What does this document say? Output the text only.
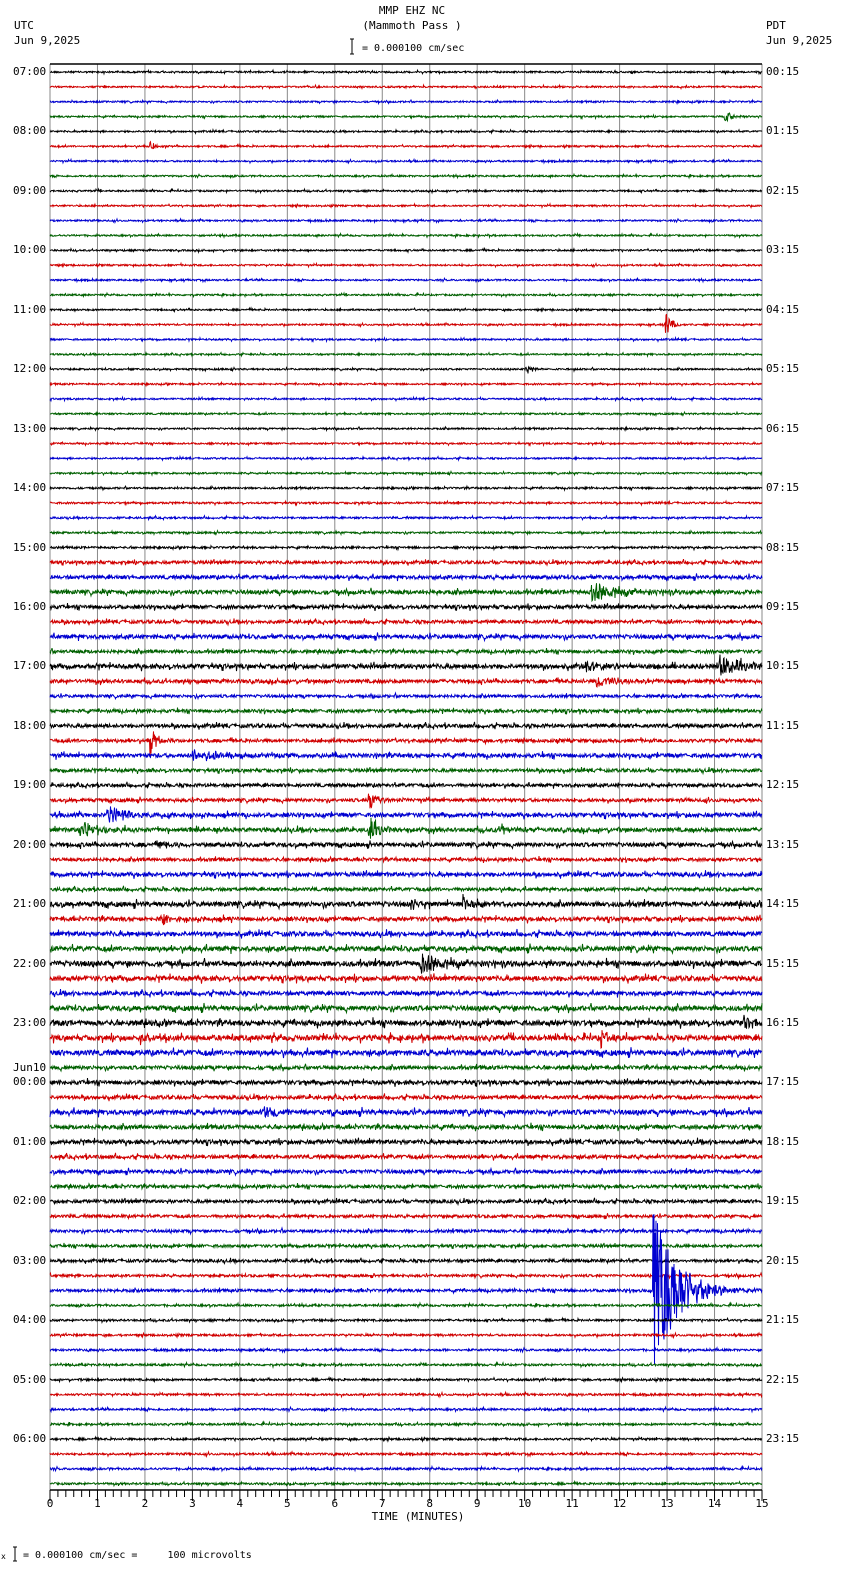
MMP EHZ NC
(Mammoth Pass )
UTC
Jun 9,2025
PDT
Jun 9,2025
= 0.000100 cm/sec
0	1	2	3	4	5	6	7	8	9	10	11	12	13	14	15
07:00
08:00
09:00
10:00
11:00
12:00
13:00
14:00
15:00
16:00
17:00
18:00
19:00
20:00
21:00
22:00
23:00
00:00
01:00
02:00
03:00
04:00
05:00
06:00
Jun10
00:15
01:15
02:15
03:15
04:15
05:15
06:15
07:15
08:15
09:15
10:15
11:15
12:15
13:15
14:15
15:15
16:15
17:15
18:15
19:15
20:15
21:15
22:15
23:15
TIME (MINUTES)
x = 0.000100 cm/sec =     100 microvolts
